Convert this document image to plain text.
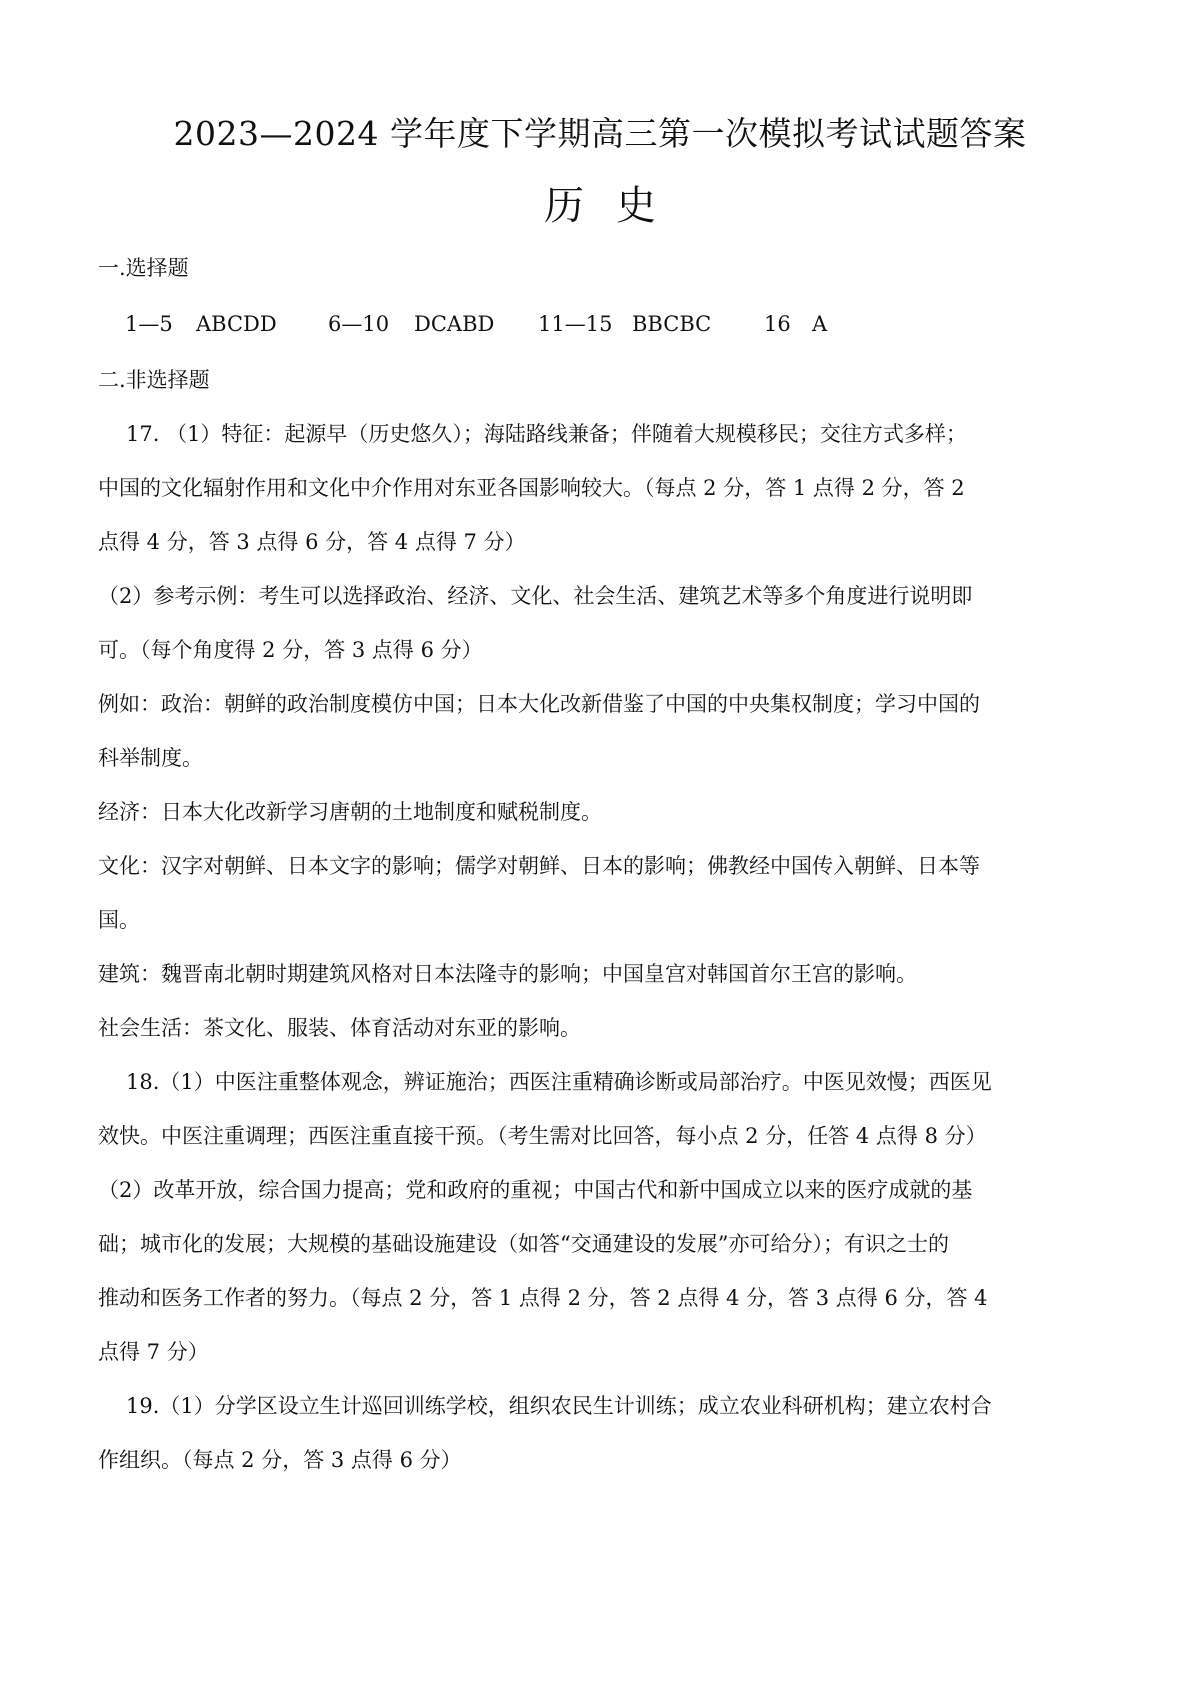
2023—2024 学年度下学期高三第一次模拟考试试题答案
历史

一.选择题

1—5 ABCDD 6—10 DCABD 11—15 BBCBC	16 A

二.非选择题

17. （1）特征：起源早（历史悠久）；海陆路线兼备；伴随着大规模移民；交往方式多样；

中国的文化辐射作用和文化中介作用对东亚各国影响较大。（每点 2 分，答 1 点得 2 分，答 2

点得 4 分，答 3 点得 6 分，答 4 点得 7 分）

（2）参考示例：考生可以选择政治、经济、文化、社会生活、建筑艺术等多个角度进行说明即

可。（每个角度得 2 分，答 3 点得 6 分）

例如：政治：朝鲜的政治制度模仿中国；日本大化改新借鉴了中国的中央集权制度；学习中国的

科举制度。

经济：日本大化改新学习唐朝的土地制度和赋税制度。

文化：汉字对朝鲜、日本文字的影响；儒学对朝鲜、日本的影响；佛教经中国传入朝鲜、日本等

国。

建筑：魏晋南北朝时期建筑风格对日本法隆寺的影响；中国皇宫对韩国首尔王宫的影响。

社会生活：茶文化、服装、体育活动对东亚的影响。

18.（1）中医注重整体观念，辨证施治；西医注重精确诊断或局部治疗。中医见效慢；西医见

效快。中医注重调理；西医注重直接干预。（考生需对比回答，每小点 2 分，任答 4 点得 8 分）

（2）改革开放，综合国力提高；党和政府的重视；中国古代和新中国成立以来的医疗成就的基

础；城市化的发展；大规模的基础设施建设（如答“交通建设的发展”亦可给分）；有识之士的

推动和医务工作者的努力。（每点 2 分，答 1 点得 2 分，答 2 点得 4 分，答 3 点得 6 分，答 4

点得 7 分）

19.（1）分学区设立生计巡回训练学校，组织农民生计训练；成立农业科研机构；建立农村合

作组织。（每点 2 分，答 3 点得 6 分）
